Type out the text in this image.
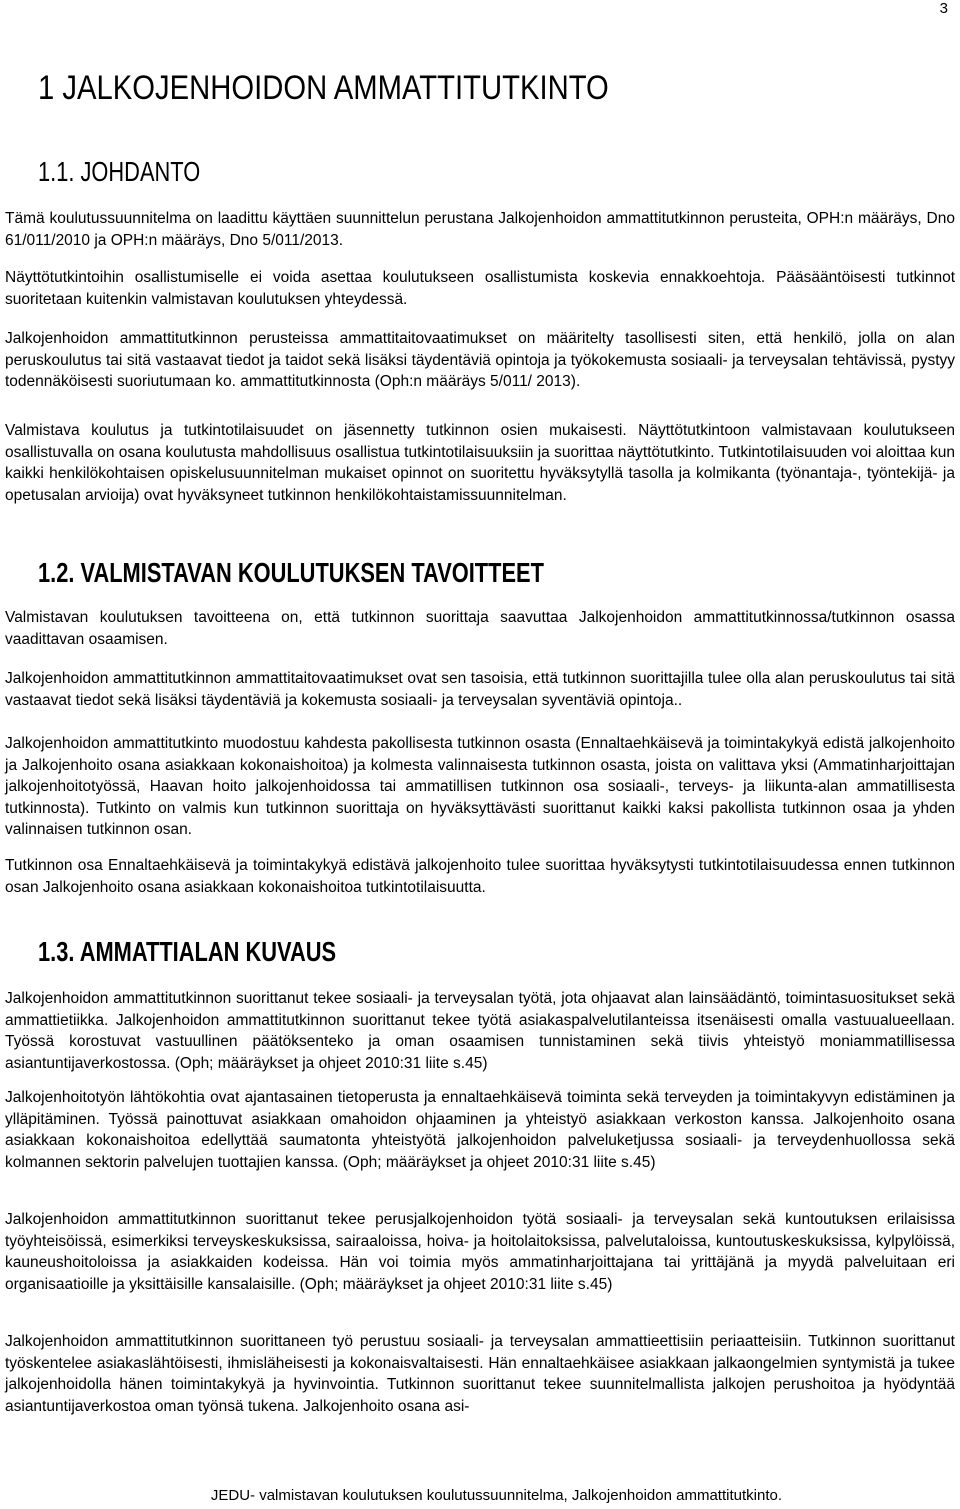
3
1 JALKOJENHOIDON AMMATTITUTKINTO
1.1. JOHDANTO

Tämä koulutussuunnitelma on laadittu käyttäen suunnittelun perustana Jalkojenhoidon ammattitutkinnon perusteita, OPH:n määräys, Dno 61/011/2010 ja OPH:n määräys, Dno 5/011/2013.

Näyttötutkintoihin osallistumiselle ei voida asettaa koulutukseen osallistumista koskevia ennakkoehtoja. Pääsääntöisesti tutkinnot suoritetaan kuitenkin valmistavan koulutuksen yhteydessä.

Jalkojenhoidon ammattitutkinnon perusteissa ammattitaitovaatimukset on määritelty tasollisesti siten, että henkilö, jolla on alan peruskoulutus tai sitä vastaavat tiedot ja taidot sekä lisäksi täydentäviä opintoja ja työkokemusta sosiaali- ja terveysalan tehtävissä, pystyy todennäköisesti suoriutumaan ko. ammattitutkinnosta (Oph:n määräys 5/011/ 2013).

Valmistava koulutus ja tutkintotilaisuudet on jäsennetty tutkinnon osien mukaisesti. Näyttötutkintoon valmistavaan koulutukseen osallistuvalla on osana koulutusta mahdollisuus osallistua tutkintotilaisuuksiin ja suorittaa näyttötutkinto. Tutkintotilaisuuden voi aloittaa kun kaikki henkilökohtaisen opiskelusuunnitelman mukaiset opinnot on suoritettu hyväksytyllä tasolla ja kolmikanta (työnantaja-, työntekijä- ja opetusalan arvioija) ovat hyväksyneet tutkinnon henkilökohtaistamissuunnitelman.

1.2. VALMISTAVAN KOULUTUKSEN TAVOITTEET

Valmistavan koulutuksen tavoitteena on, että tutkinnon suorittaja saavuttaa Jalkojenhoidon ammattitutkinnossa/tutkinnon osassa vaadittavan osaamisen.

Jalkojenhoidon ammattitutkinnon ammattitaitovaatimukset ovat sen tasoisia, että tutkinnon suorittajilla tulee olla alan peruskoulutus tai sitä vastaavat tiedot sekä lisäksi täydentäviä ja kokemusta sosiaali- ja terveysalan syventäviä opintoja..

Jalkojenhoidon ammattitutkinto muodostuu kahdesta pakollisesta tutkinnon osasta (Ennaltaehkäisevä ja toimintakykyä edistä jalkojenhoito ja Jalkojenhoito osana asiakkaan kokonaishoitoa) ja kolmesta valinnaisesta tutkinnon osasta, joista on valittava yksi (Ammatinharjoittajan jalkojenhoitotyössä, Haavan hoito jalkojenhoidossa tai ammatillisen tutkinnon osa sosiaali-, terveys- ja liikunta-alan ammatillisesta tutkinnosta). Tutkinto on valmis kun tutkinnon suorittaja on hyväksyttävästi suorittanut kaikki kaksi pakollista tutkinnon osaa ja yhden valinnaisen tutkinnon osan.

Tutkinnon osa Ennaltaehkäisevä ja toimintakykyä edistävä jalkojenhoito tulee suorittaa hyväksytysti tutkintotilaisuudessa ennen tutkinnon osan Jalkojenhoito osana asiakkaan kokonaishoitoa tutkintotilaisuutta.

1.3. AMMATTIALAN KUVAUS

Jalkojenhoidon ammattitutkinnon suorittanut tekee sosiaali- ja terveysalan työtä, jota ohjaavat alan lainsäädäntö, toimintasuositukset sekä ammattietiikka. Jalkojenhoidon ammattitutkinnon suorittanut tekee työtä asiakaspalvelutilanteissa itsenäisesti omalla vastuualueellaan. Työssä korostuvat vastuullinen päätöksenteko ja oman osaamisen tunnistaminen sekä tiivis yhteistyö moniammatillisessa asiantuntijaverkostossa. (Oph; määräykset ja ohjeet 2010:31 liite s.45)

Jalkojenhoitotyön lähtökohtia ovat ajantasainen tietoperusta ja ennaltaehkäisevä toiminta sekä terveyden ja toimintakyvyn edistäminen ja ylläpitäminen. Työssä painottuvat asiakkaan omahoidon ohjaaminen ja yhteistyö asiakkaan verkoston kanssa. Jalkojenhoito osana asiakkaan kokonaishoitoa edellyttää saumatonta yhteistyötä jalkojenhoidon palveluketjussa sosiaali- ja terveydenhuollossa sekä kolmannen sektorin palvelujen tuottajien kanssa. (Oph; määräykset ja ohjeet 2010:31 liite s.45)

Jalkojenhoidon ammattitutkinnon suorittanut tekee perusjalkojenhoidon työtä sosiaali- ja terveysalan sekä kuntoutuksen erilaisissa työyhteisöissä, esimerkiksi terveyskeskuksissa, sairaaloissa, hoiva- ja hoitolaitoksissa, palvelutaloissa, kuntoutuskeskuksissa, kylpylöissä, kauneushoitoloissa ja asiakkaiden kodeissa. Hän voi toimia myös ammatinharjoittajana tai yrittäjänä ja myydä palveluitaan eri organisaatioille ja yksittäisille kansalaisille. (Oph; määräykset ja ohjeet 2010:31 liite s.45)

Jalkojenhoidon ammattitutkinnon suorittaneen työ perustuu sosiaali- ja terveysalan ammattieettisiin periaatteisiin. Tutkinnon suorittanut työskentelee asiakaslähtöisesti, ihmisläheisesti ja kokonaisvaltaisesti. Hän ennaltaehkäisee asiakkaan jalkaongelmien syntymistä ja tukee jalkojenhoidolla hänen toimintakykyä ja hyvinvointia. Tutkinnon suorittanut tekee suunnitelmallista jalkojen perushoitoa ja hyödyntää asiantuntijaverkostoa oman työnsä tukena. Jalkojenhoito osana asi-

JEDU- valmistavan koulutuksen koulutussuunnitelma, Jalkojenhoidon ammattitutkinto.
